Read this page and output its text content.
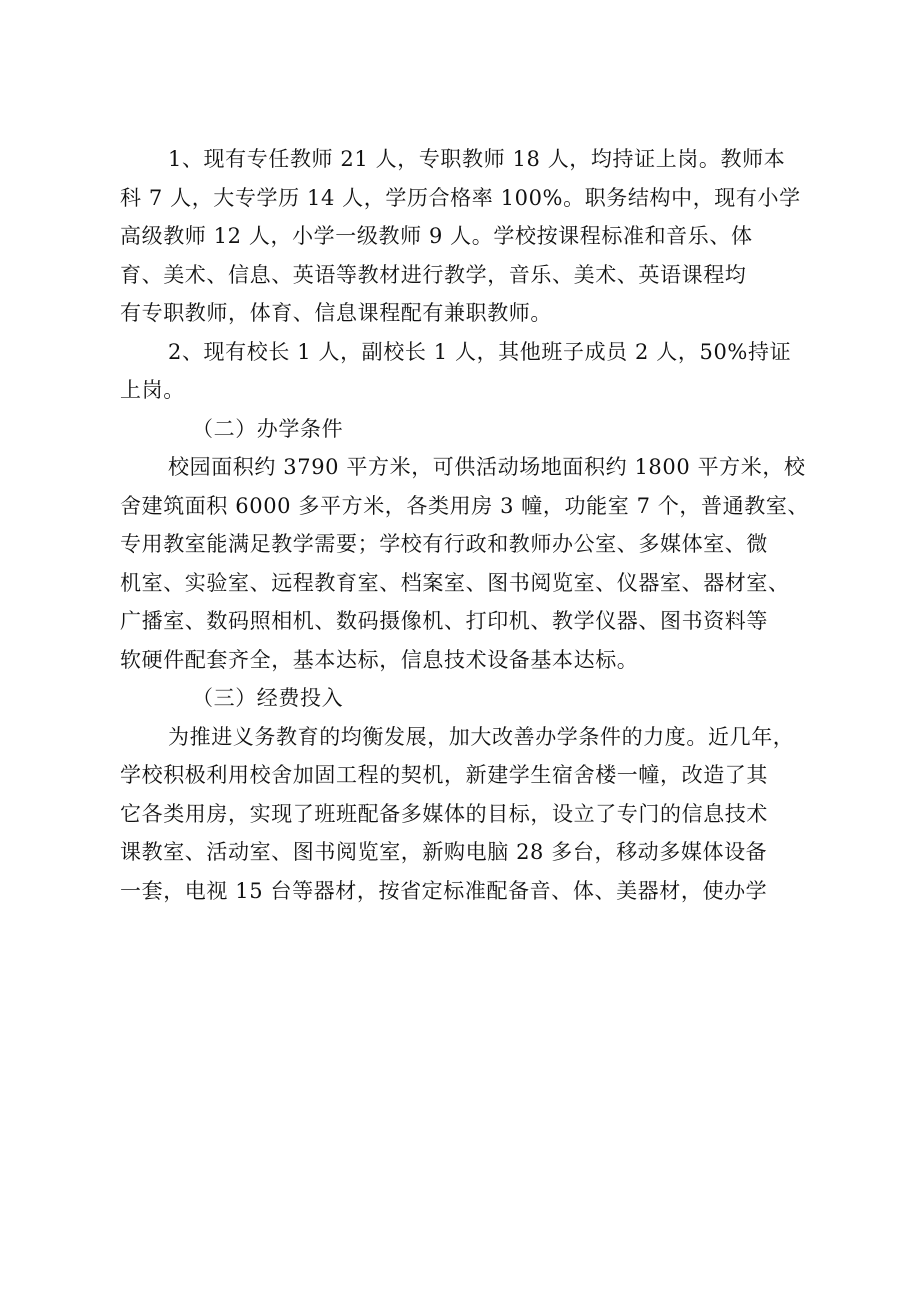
1、现有专任教师 21 人，专职教师 18 人，均持证上岗。教师本
科 7 人，大专学历 14 人，学历合格率 100%。职务结构中，现有小学
高级教师 12 人，小学一级教师 9 人。学校按课程标准和音乐、体
育、美术、信息、英语等教材进行教学，音乐、美术、英语课程均
有专职教师，体育、信息课程配有兼职教师。
2、现有校长 1 人，副校长 1 人，其他班子成员 2 人，50%持证
上岗。
（二）办学条件
校园面积约 3790 平方米，可供活动场地面积约 1800 平方米，校
舍建筑面积 6000 多平方米，各类用房 3 幢，功能室 7 个，普通教室、
专用教室能满足教学需要；学校有行政和教师办公室、多媒体室、微
机室、实验室、远程教育室、档案室、图书阅览室、仪器室、器材室、
广播室、数码照相机、数码摄像机、打印机、教学仪器、图书资料等
软硬件配套齐全，基本达标，信息技术设备基本达标。
（三）经费投入
为推进义务教育的均衡发展，加大改善办学条件的力度。近几年，
学校积极利用校舍加固工程的契机，新建学生宿舍楼一幢，改造了其
它各类用房，实现了班班配备多媒体的目标，设立了专门的信息技术
课教室、活动室、图书阅览室，新购电脑 28 多台，移动多媒体设备
一套，电视 15 台等器材，按省定标准配备音、体、美器材，使办学
